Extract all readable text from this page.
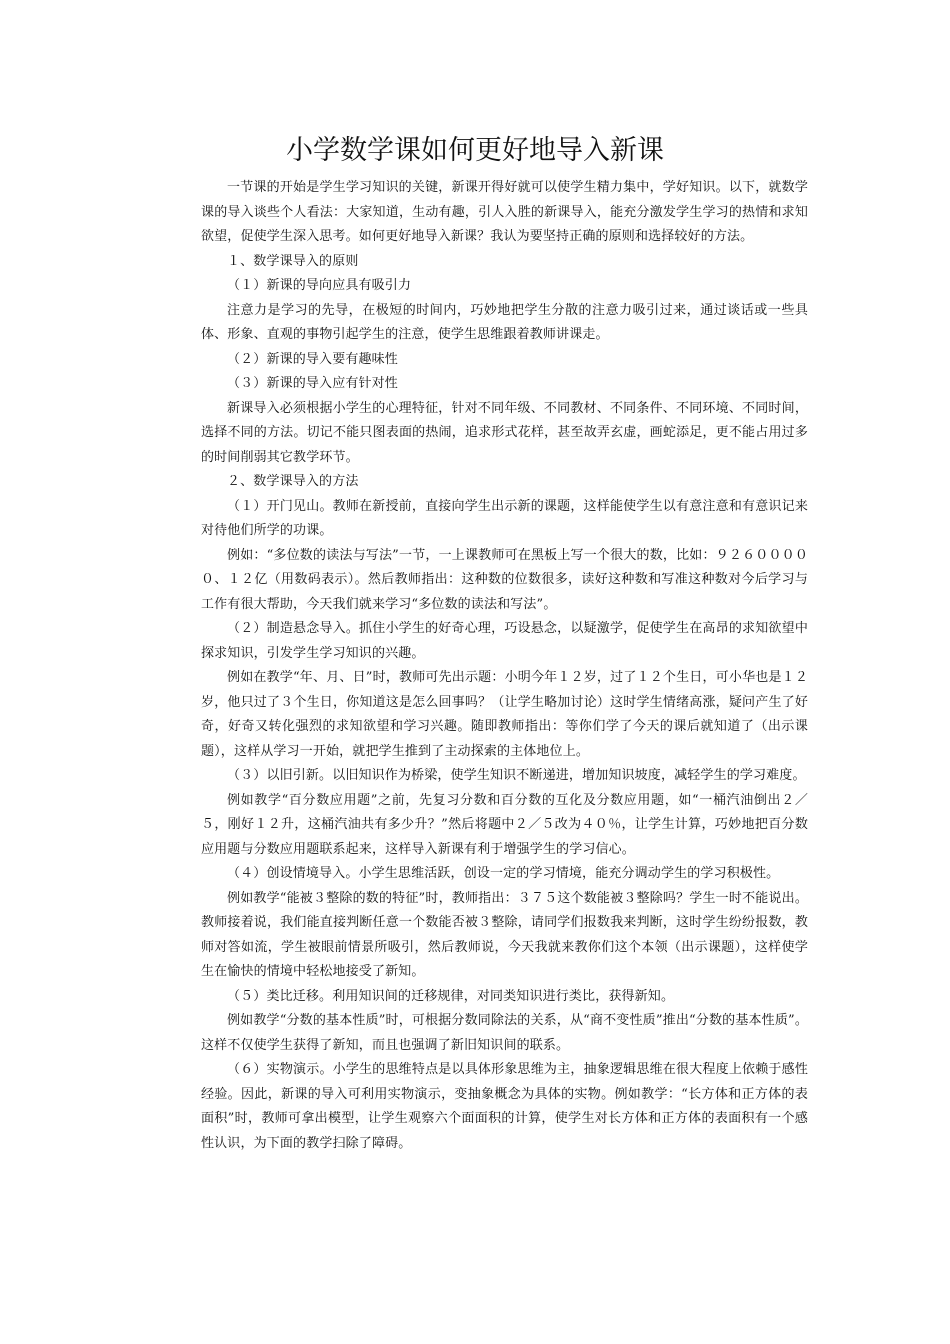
小学数学课如何更好地导入新课

一节课的开始是学生学习知识的关键，新课开得好就可以使学生精力集中，学好知识。以下，就数学课的导入谈些个人看法：大家知道，生动有趣，引人入胜的新课导入，能充分激发学生学习的热情和求知欲望，促使学生深入思考。如何更好地导入新课？我认为要坚持正确的原则和选择较好的方法。

１、数学课导入的原则

（１）新课的导向应具有吸引力

注意力是学习的先导，在极短的时间内，巧妙地把学生分散的注意力吸引过来，通过谈话或一些具体、形象、直观的事物引起学生的注意，使学生思维跟着教师讲课走。

（２）新课的导入要有趣味性

（３）新课的导入应有针对性

新课导入必须根据小学生的心理特征，针对不同年级、不同教材、不同条件、不同环境、不同时间，选择不同的方法。切记不能只图表面的热闹，追求形式花样，甚至故弄玄虚，画蛇添足，更不能占用过多的时间削弱其它教学环节。

２、数学课导入的方法

（１）开门见山。教师在新授前，直接向学生出示新的课题，这样能使学生以有意注意和有意识记来对待他们所学的功课。

例如：“多位数的读法与写法”一节，一上课教师可在黑板上写一个很大的数，比如：９２６０００００、１２亿（用数码表示）。然后教师指出：这种数的位数很多，读好这种数和写准这种数对今后学习与工作有很大帮助，今天我们就来学习“多位数的读法和写法”。

（２）制造悬念导入。抓住小学生的好奇心理，巧设悬念，以疑激学，促使学生在高昂的求知欲望中探求知识，引发学生学习知识的兴趣。

例如在教学“年、月、日”时，教师可先出示题：小明今年１２岁，过了１２个生日，可小华也是１２岁，他只过了３个生日，你知道这是怎么回事吗？（让学生略加讨论）这时学生情绪高涨，疑问产生了好奇，好奇又转化强烈的求知欲望和学习兴趣。随即教师指出：等你们学了今天的课后就知道了（出示课题），这样从学习一开始，就把学生推到了主动探索的主体地位上。

（３）以旧引新。以旧知识作为桥梁，使学生知识不断递进，增加知识坡度，减轻学生的学习难度。

例如教学“百分数应用题”之前，先复习分数和百分数的互化及分数应用题，如“一桶汽油倒出２／５，刚好１２升，这桶汽油共有多少升？”然后将题中２／５改为４０％，让学生计算，巧妙地把百分数应用题与分数应用题联系起来，这样导入新课有利于增强学生的学习信心。

（４）创设情境导入。小学生思维活跃，创设一定的学习情境，能充分调动学生的学习积极性。

例如教学“能被３整除的数的特征”时，教师指出：３７５这个数能被３整除吗？学生一时不能说出。教师接着说，我们能直接判断任意一个数能否被３整除，请同学们报数我来判断，这时学生纷纷报数，教师对答如流，学生被眼前情景所吸引，然后教师说，今天我就来教你们这个本领（出示课题），这样使学生在愉快的情境中轻松地接受了新知。

（５）类比迁移。利用知识间的迁移规律，对同类知识进行类比，获得新知。

例如教学“分数的基本性质”时，可根据分数同除法的关系，从“商不变性质”推出“分数的基本性质”。这样不仅使学生获得了新知，而且也强调了新旧知识间的联系。

（６）实物演示。小学生的思维特点是以具体形象思维为主，抽象逻辑思维在很大程度上依赖于感性经验。因此，新课的导入可利用实物演示，变抽象概念为具体的实物。例如教学：“长方体和正方体的表面积”时，教师可拿出模型，让学生观察六个面面积的计算，使学生对长方体和正方体的表面积有一个感性认识，为下面的教学扫除了障碍。
